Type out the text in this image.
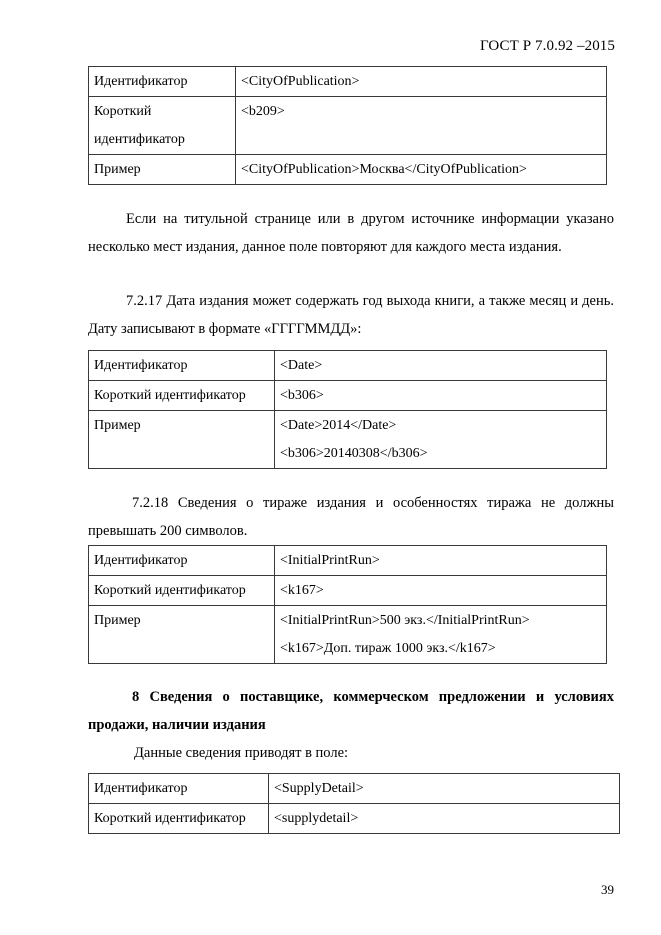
ГОСТ Р 7.0.92 –2015
Идентификатор	<CityOfPublication>
Короткий идентификатор	<b209>
Пример	<CityOfPublication>Москва</CityOfPublication>
Если на титульной странице или в другом источнике информации указано несколько мест издания, данное поле повторяют для каждого места издания.
7.2.17 Дата издания может содержать год выхода книги, а также месяц и день. Дату записывают в формате «ГГГГММДД»:
Идентификатор	<Date>
Короткий идентификатор	<b306>
Пример	<Date>2014</Date>
<b306>20140308</b306>
7.2.18 Сведения о тираже издания и особенностях тиража не должны превышать 200 символов.
Идентификатор	<InitialPrintRun>
Короткий идентификатор	<k167>
Пример	<InitialPrintRun>500 экз.</InitialPrintRun>
<k167>Доп. тираж 1000 экз.</k167>
8 Сведения о поставщике, коммерческом предложении и условиях продажи, наличии издания
Данные сведения приводят в поле:
Идентификатор	<SupplyDetail>
Короткий идентификатор	<supplydetail>
39
